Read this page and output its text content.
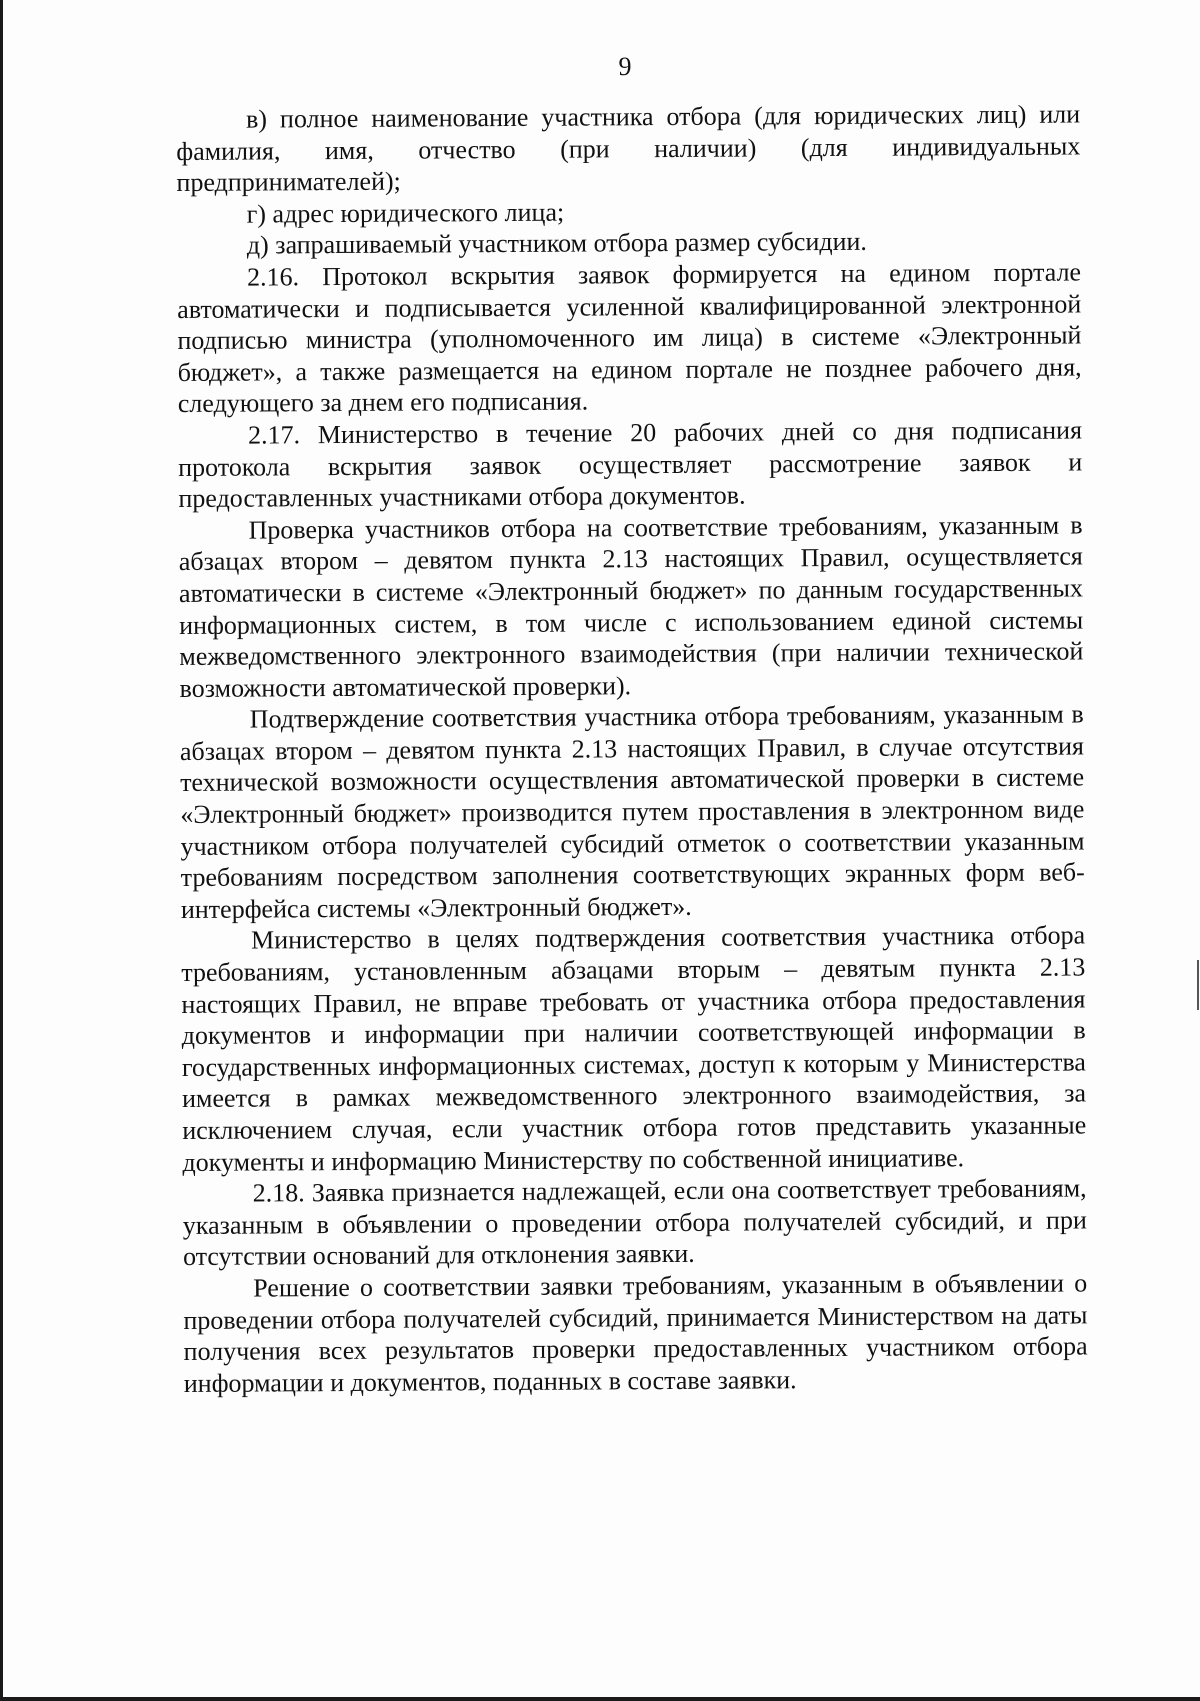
9

в) полное наименование участника отбора (для юридических лиц) или фамилия, имя, отчество (при наличии) (для индивидуальных предпринимателей);

г) адрес юридического лица;

д) запрашиваемый участником отбора размер субсидии.

2.16. Протокол вскрытия заявок формируется на едином портале автоматически и подписывается усиленной квалифицированной электронной подписью министра (уполномоченного им лица) в системе «Электронный бюджет», а также размещается на едином портале не позднее рабочего дня, следующего за днем его подписания.

2.17. Министерство в течение 20 рабочих дней со дня подписания протокола вскрытия заявок осуществляет рассмотрение заявок и предоставленных участниками отбора документов.

Проверка участников отбора на соответствие требованиям, указанным в абзацах втором – девятом пункта 2.13 настоящих Правил, осуществляется автоматически в системе «Электронный бюджет» по данным государственных информационных систем, в том числе с использованием единой системы межведомственного электронного взаимодействия (при наличии технической возможности автоматической проверки).

Подтверждение соответствия участника отбора требованиям, указанным в абзацах втором – девятом пункта 2.13 настоящих Правил, в случае отсутствия технической возможности осуществления автоматической проверки в системе «Электронный бюджет» производится путем проставления в электронном виде участником отбора получателей субсидий отметок о соответствии указанным требованиям посредством заполнения соответствующих экранных форм веб-интерфейса системы «Электронный бюджет».

Министерство в целях подтверждения соответствия участника отбора требованиям, установленным абзацами вторым – девятым пункта 2.13 настоящих Правил, не вправе требовать от участника отбора предоставления документов и информации при наличии соответствующей информации в государственных информационных системах, доступ к которым у Министерства имеется в рамках межведомственного электронного взаимодействия, за исключением случая, если участник отбора готов представить указанные документы и информацию Министерству по собственной инициативе.

2.18. Заявка признается надлежащей, если она соответствует требованиям, указанным в объявлении о проведении отбора получателей субсидий, и при отсутствии оснований для отклонения заявки.

Решение о соответствии заявки требованиям, указанным в объявлении о проведении отбора получателей субсидий, принимается Министерством на даты получения всех результатов проверки предоставленных участником отбора информации и документов, поданных в составе заявки.
